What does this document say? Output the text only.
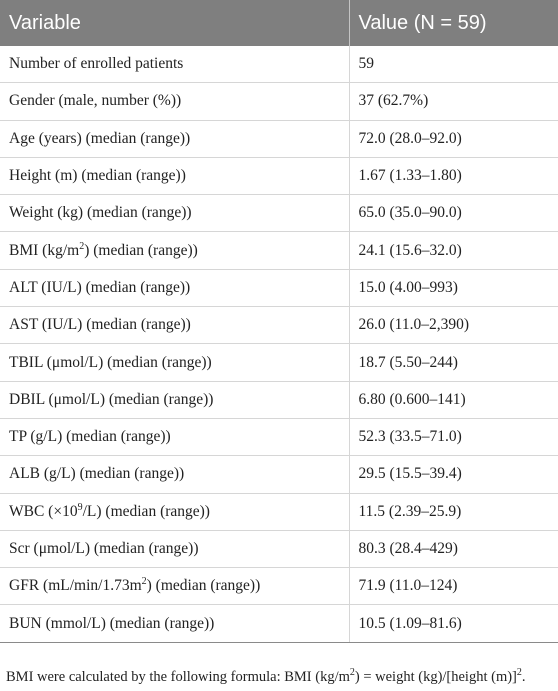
Variable	Value (N = 59)
Number of enrolled patients	59
Gender (male, number (%))	37 (62.7%)
Age (years) (median (range))	72.0 (28.0–92.0)
Height (m) (median (range))	1.67 (1.33–1.80)
Weight (kg) (median (range))	65.0 (35.0–90.0)
BMI $(kg/m^2)$ (median (range))	24.1 (15.6–32.0)
ALT (IU/L) (median (range))	15.0 (4.00–993)
AST (IU/L) (median (range))	26.0 (11.0–2,390)
TBIL (μmol/L) (median (range))	18.7 (5.50–244)
DBIL (μmol/L) (median (range))	6.80 (0.600–141)
TP (g/L) (median (range))	52.3 (33.5–71.0)
ALB (g/L) (median (range))	29.5 (15.5–39.4)
WBC $(\times 10^9/L)$ (median (range))	11.5 (2.39–25.9)
Scr (μmol/L) (median (range))	80.3 (28.4–429)
GFR $(mL/\min/1.73m^2)$ (median (range))	71.9 (11.0–124)
BUN (mmol/L) (median (range))	10.5 (1.09–81.6)
BMI were calculated by the following formula: BMI $(kg/m^2)$ = weight (kg)/[height (m)]$^2$.
